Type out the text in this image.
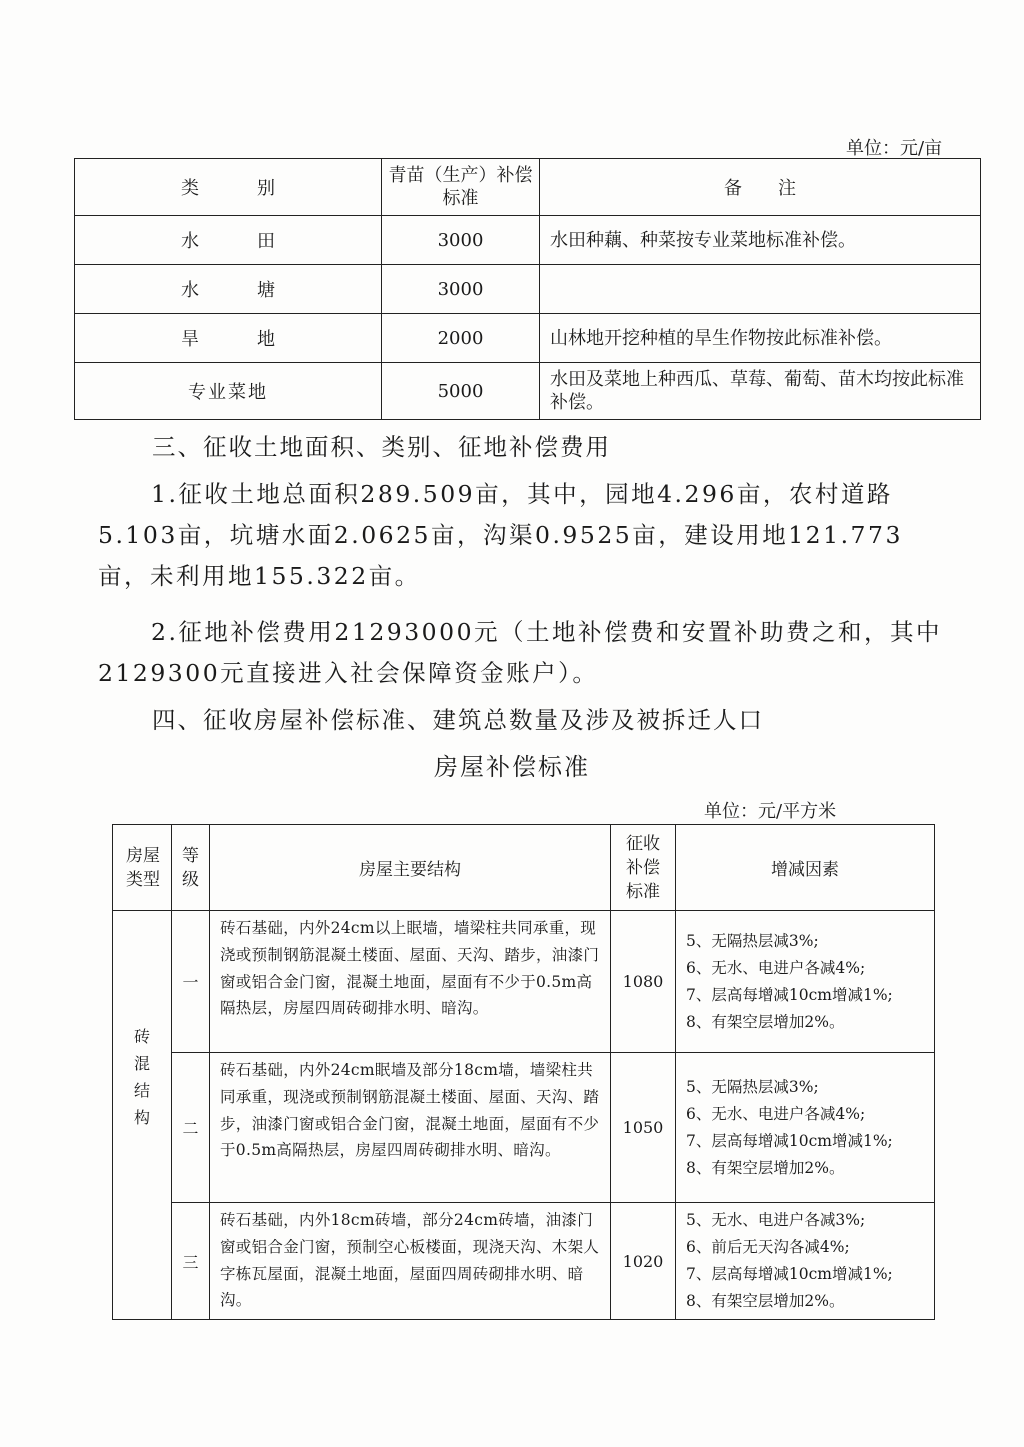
单位：元/亩
类　别	青苗（生产）补偿标准	备　　注
水　田	3000	水田种藕、种菜按专业菜地标准补偿。
水　塘	3000	
旱　地	2000	山林地开挖种植的旱生作物按此标准补偿。
专业菜地	5000	水田及菜地上种西瓜、草莓、葡萄、苗木均按此标准补偿。
三、征收土地面积、类别、征地补偿费用

1.征收土地总面积289.509亩，其中，园地4.296亩，农村道路5.103亩，坑塘水面2.0625亩，沟渠0.9525亩，建设用地121.773亩，未利用地155.322亩。

2.征地补偿费用21293000元（土地补偿费和安置补助费之和，其中2129300元直接进入社会保障资金账户）。

四、征收房屋补偿标准、建筑总数量及涉及被拆迁人口
房屋补偿标准
单位：元/平方米
房屋类型	等级	房屋主要结构	征收补偿标准	增减因素
砖混结构	一	砖石基础，内外24cm以上眠墙，墙梁柱共同承重，现浇或预制钢筋混凝土楼面、屋面、天沟、踏步，油漆门窗或铝合金门窗，混凝土地面，屋面有不少于0.5m高隔热层，房屋四周砖砌排水明、暗沟。	1080	5、无隔热层减3%;
6、无水、电进户各减4%;
7、层高每增减10cm增减1%;
8、有架空层增加2%。

	二	砖石基础，内外24cm眠墙及部分18cm墙，墙梁柱共同承重，现浇或预制钢筋混凝土楼面、屋面、天沟、踏步，油漆门窗或铝合金门窗，混凝土地面，屋面有不少于0.5m高隔热层，房屋四周砖砌排水明、暗沟。	1050	5、无隔热层减3%;
6、无水、电进户各减4%;
7、层高每增减10cm增减1%;
8、有架空层增加2%。

	三	砖石基础，内外18cm砖墙，部分24cm砖墙，油漆门窗或铝合金门窗，预制空心板楼面，现浇天沟、木架人字栋瓦屋面，混凝土地面，屋面四周砖砌排水明、暗沟。	1020	5、无水、电进户各减3%;
6、前后无天沟各减4%;
7、层高每增减10cm增减1%;
8、有架空层增加2%。
